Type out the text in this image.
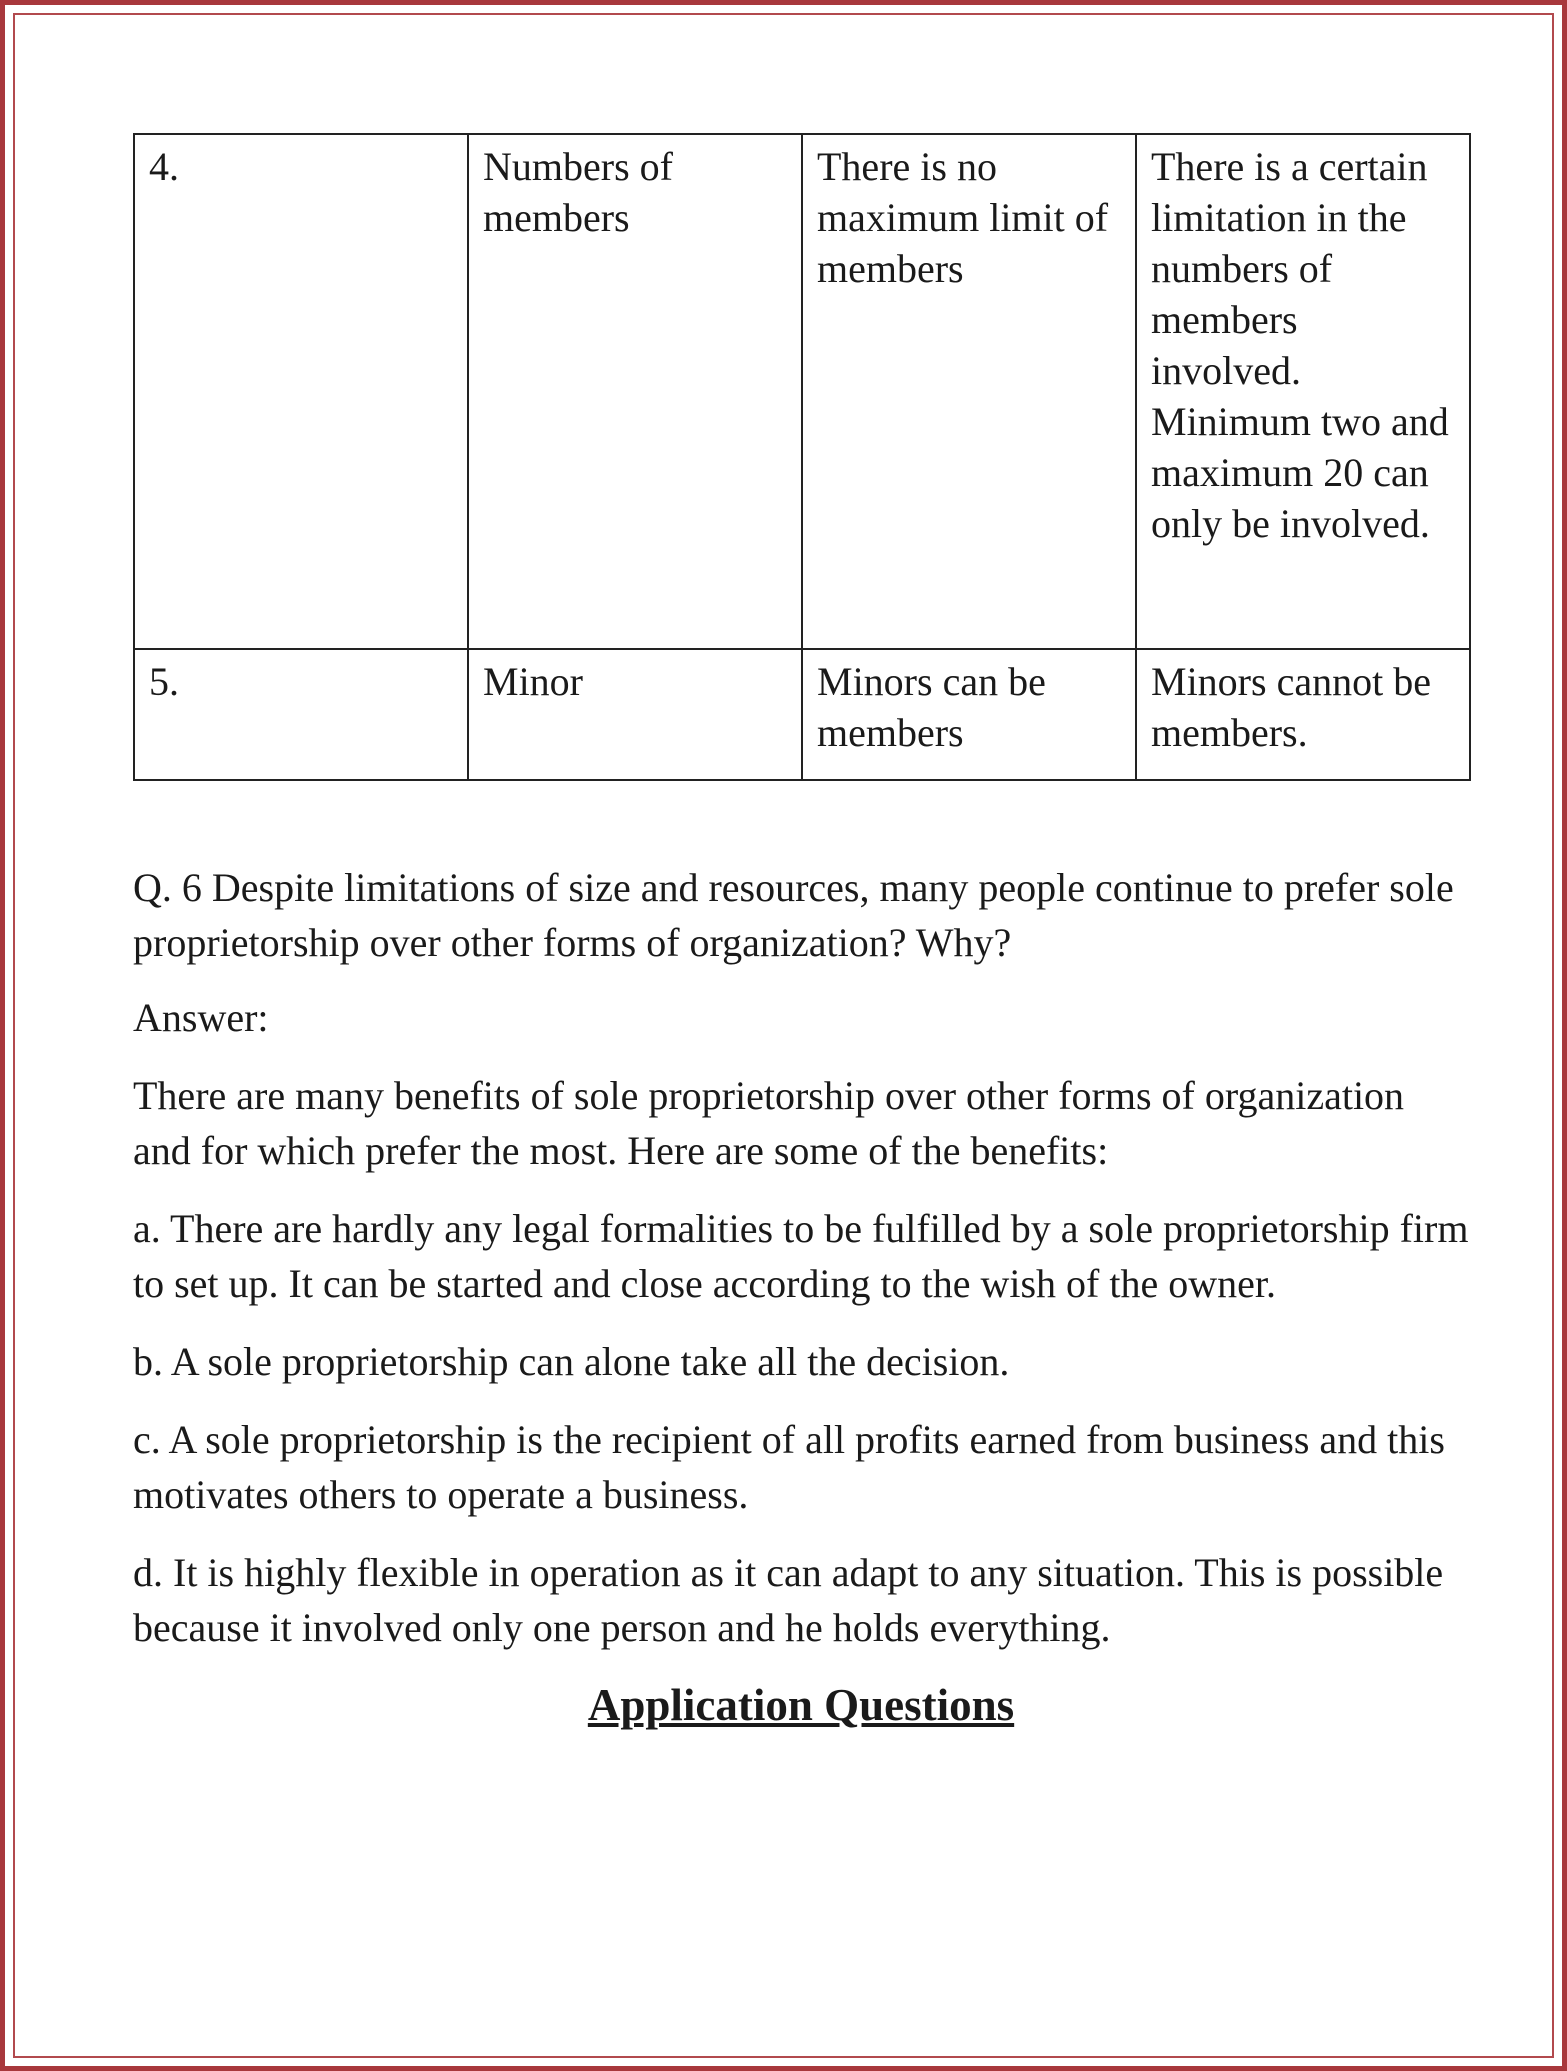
4.	Numbers of members	There is no maximum limit of members	There is a certain limitation in the numbers of members involved. Minimum two and maximum 20 can only be involved.
5.	Minor	Minors can be members	Minors cannot be members.

Q. 6 Despite limitations of size and resources, many people continue to prefer sole proprietorship over other forms of organization? Why?

Answer:

There are many benefits of sole proprietorship over other forms of organization and for which prefer the most. Here are some of the benefits:

a. There are hardly any legal formalities to be fulfilled by a sole proprietorship firm to set up. It can be started and close according to the wish of the owner.

b. A sole proprietorship can alone take all the decision.

c. A sole proprietorship is the recipient of all profits earned from business and this motivates others to operate a business.

d. It is highly flexible in operation as it can adapt to any situation. This is possible because it involved only one person and he holds everything.

Application Questions
